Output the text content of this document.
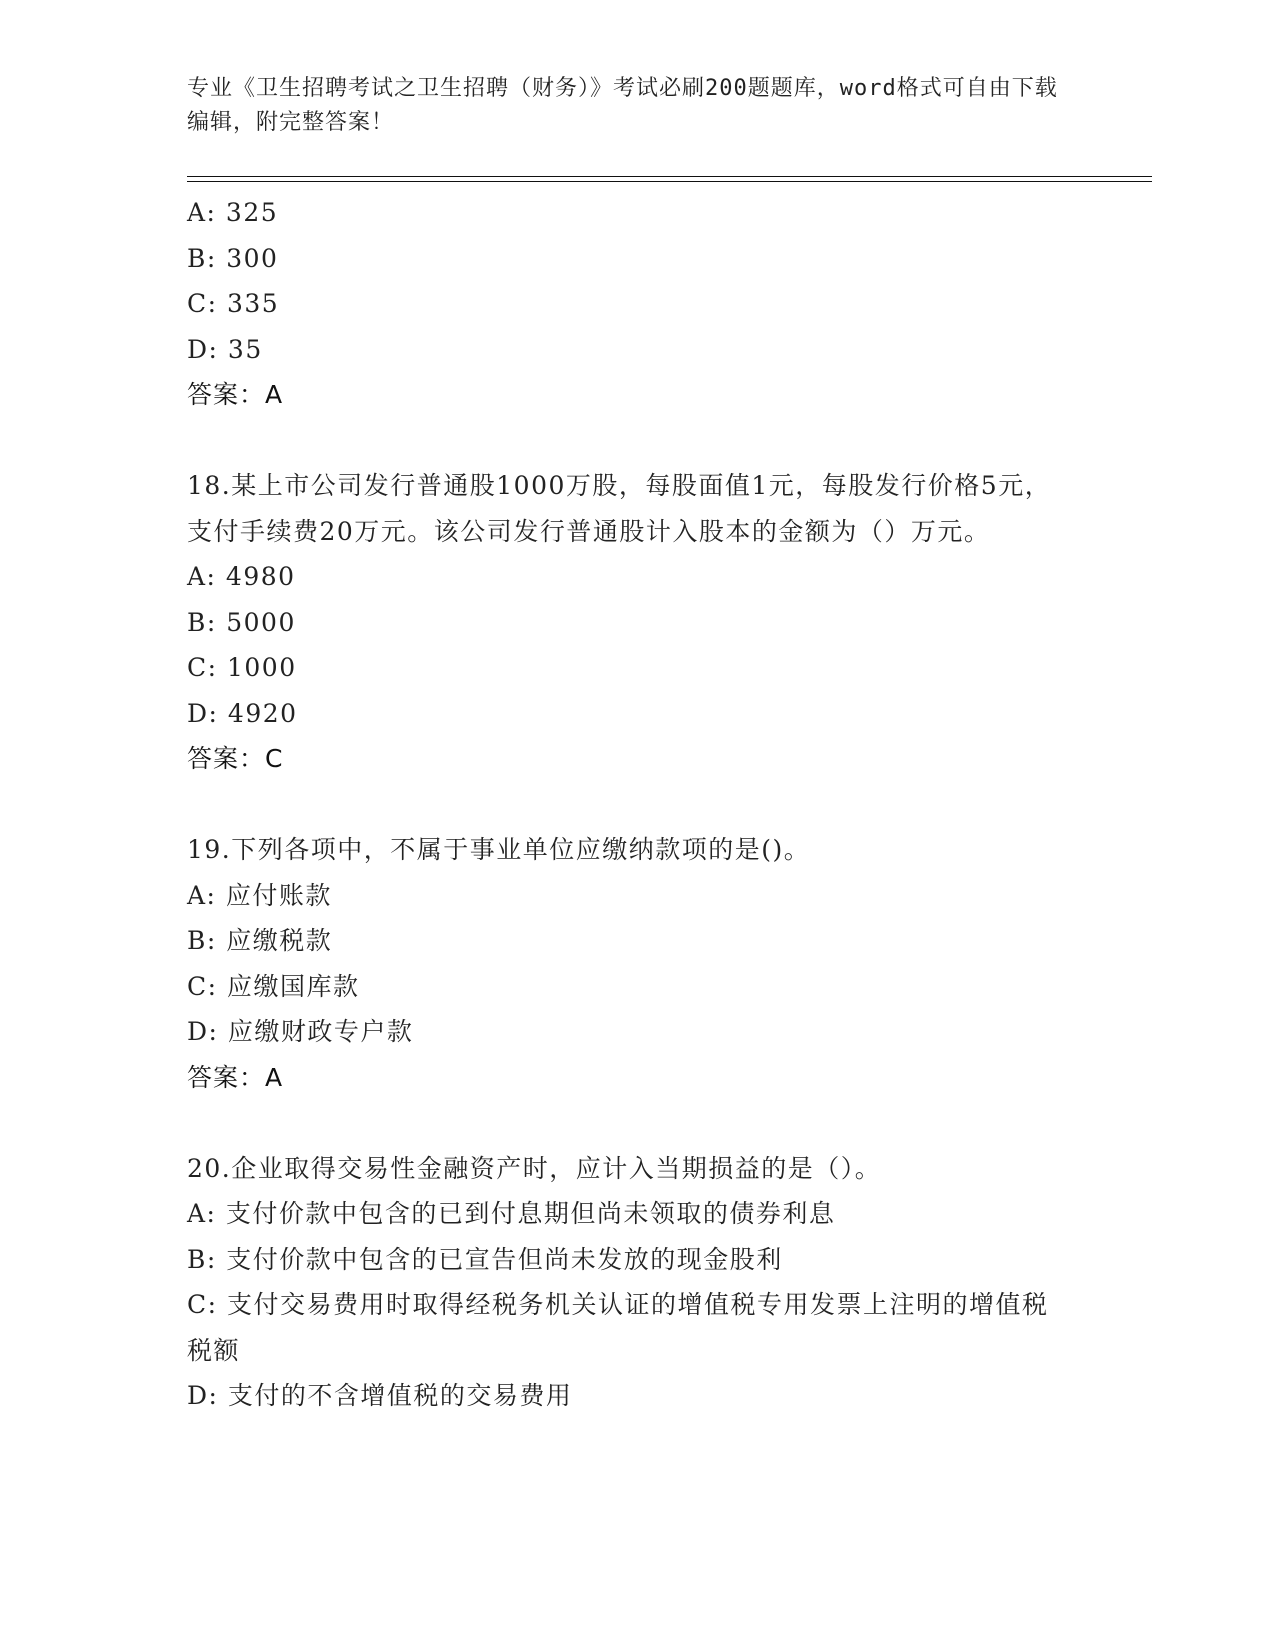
专业《卫生招聘考试之卫生招聘（财务）》考试必刷200题题库，word格式可自由下载编辑，附完整答案！
A: 325
B: 300
C: 335
D: 35
答案：A
18.某上市公司发行普通股1000万股，每股面值1元，每股发行价格5元，支付手续费20万元。该公司发行普通股计入股本的金额为（）万元。
A: 4980
B: 5000
C: 1000
D: 4920
答案：C
19.下列各项中，不属于事业单位应缴纳款项的是()。
A: 应付账款
B: 应缴税款
C: 应缴国库款
D: 应缴财政专户款
答案：A
20.企业取得交易性金融资产时，应计入当期损益的是（）。
A: 支付价款中包含的已到付息期但尚未领取的债券利息
B: 支付价款中包含的已宣告但尚未发放的现金股利
C: 支付交易费用时取得经税务机关认证的增值税专用发票上注明的增值税税额
D: 支付的不含增值税的交易费用
